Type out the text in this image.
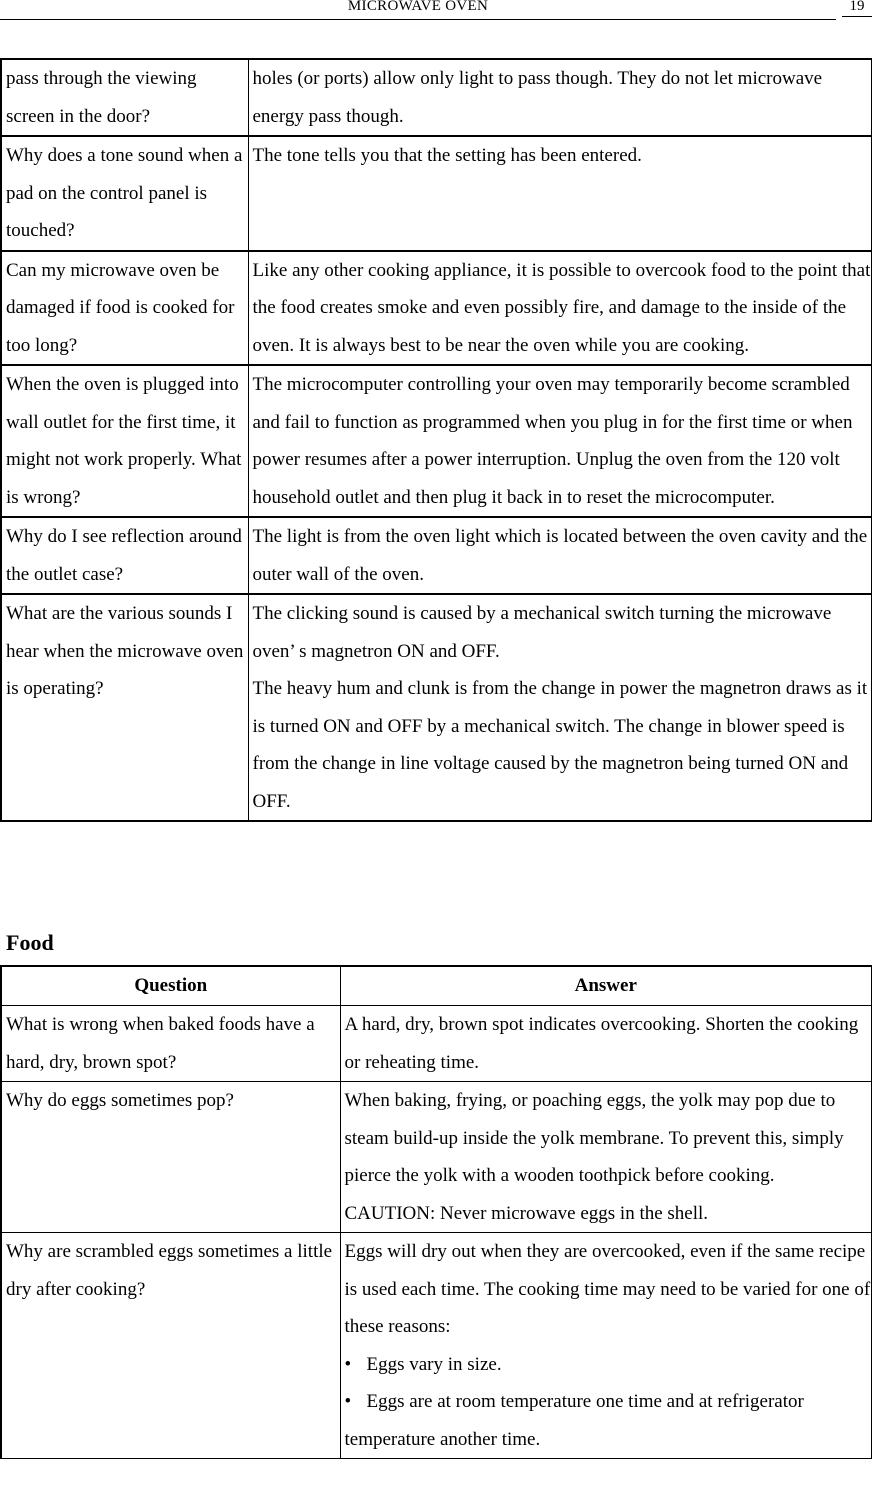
MICROWAVE OVEN	19
pass through the viewing screen in the door?	holes (or ports) allow only light to pass though. They do not let microwave energy pass though.

Why does a tone sound when a pad on the control panel is touched?	The tone tells you that the setting has been entered.

Can my microwave oven be damaged if food is cooked for too long?	Like any other cooking appliance, it is possible to overcook food to the point that the food creates smoke and even possibly fire, and damage to the inside of the oven. It is always best to be near the oven while you are cooking.

When the oven is plugged into wall outlet for the first time, it might not work properly. What is wrong?	The microcomputer controlling your oven may temporarily become scrambled and fail to function as programmed when you plug in for the first time or when power resumes after a power interruption. Unplug the oven from the 120 volt household outlet and then plug it back in to reset the microcomputer.

Why do I see reflection around the outlet case?	The light is from the oven light which is located between the oven cavity and the outer wall of the oven.

What are the various sounds I hear when the microwave oven is operating?	The clicking sound is caused by a mechanical switch turning the microwave oven’ s magnetron ON and OFF.
The heavy hum and clunk is from the change in power the magnetron draws as it is turned ON and OFF by a mechanical switch. The change in blower speed is from the change in line voltage caused by the magnetron being turned ON and OFF.
Food
Question	Answer
What is wrong when baked foods have a hard, dry, brown spot?	A hard, dry, brown spot indicates overcooking. Shorten the cooking or reheating time.

Why do eggs sometimes pop?	When baking, frying, or poaching eggs, the yolk may pop due to steam build-up inside the yolk membrane. To prevent this, simply pierce the yolk with a wooden toothpick before cooking.
CAUTION: Never microwave eggs in the shell.

Why are scrambled eggs sometimes a little dry after cooking?	Eggs will dry out when they are overcooked, even if the same recipe is used each time. The cooking time may need to be varied for one of these reasons:
• Eggs vary in size.
• Eggs are at room temperature one time and at refrigerator temperature another time.
